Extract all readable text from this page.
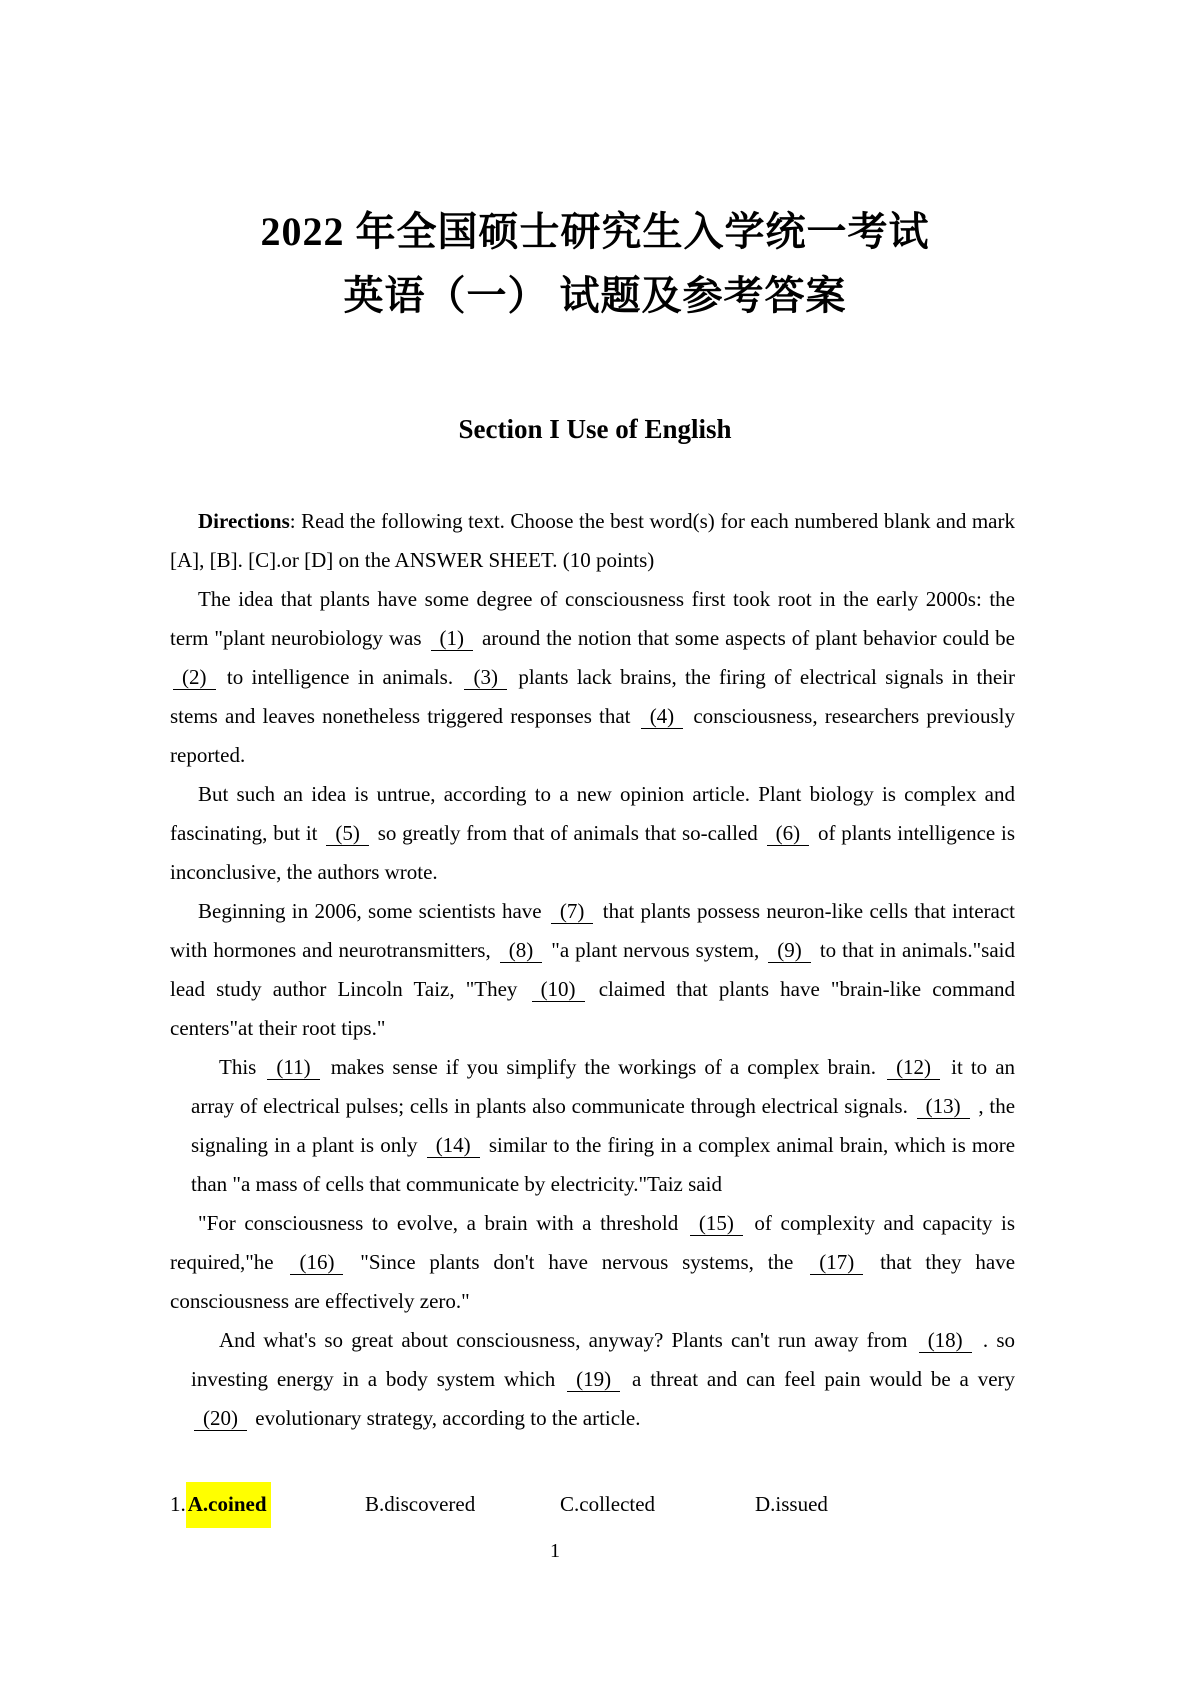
2022 年全国硕士研究生入学统一考试
英语（一） 试题及参考答案
Section I Use of English

Directions: Read the following text. Choose the best word(s) for each numbered blank and mark [A], [B]. [C].or [D] on the ANSWER SHEET. (10 points)

The idea that plants have some degree of consciousness first took root in the early 2000s: the term "plant neurobiology was (1) around the notion that some aspects of plant behavior could be (2) to intelligence in animals. (3) plants lack brains, the firing of electrical signals in their stems and leaves nonetheless triggered responses that (4) consciousness, researchers previously reported.

But such an idea is untrue, according to a new opinion article. Plant biology is complex and fascinating, but it (5) so greatly from that of animals that so-called (6) of plants intelligence is inconclusive, the authors wrote.

Beginning in 2006, some scientists have (7) that plants possess neuron-like cells that interact with hormones and neurotransmitters, (8) "a plant nervous system, (9) to that in animals."said lead study author Lincoln Taiz, "They (10) claimed that plants have "brain-like command centers"at their root tips."

This (11) makes sense if you simplify the workings of a complex brain. (12) it to an array of electrical pulses; cells in plants also communicate through electrical signals. (13) , the signaling in a plant is only (14) similar to the firing in a complex animal brain, which is more than "a mass of cells that communicate by electricity."Taiz said

"For consciousness to evolve, a brain with a threshold (15) of complexity and capacity is required,"he (16) "Since plants don't have nervous systems, the (17) that they have consciousness are effectively zero."

And what's so great about consciousness, anyway? Plants can't run away from (18) . so investing energy in a body system which (19) a threat and can feel pain would be a very (20) evolutionary strategy, according to the article.

1.A.coined	B.discovered	C.collected	D.issued
1
